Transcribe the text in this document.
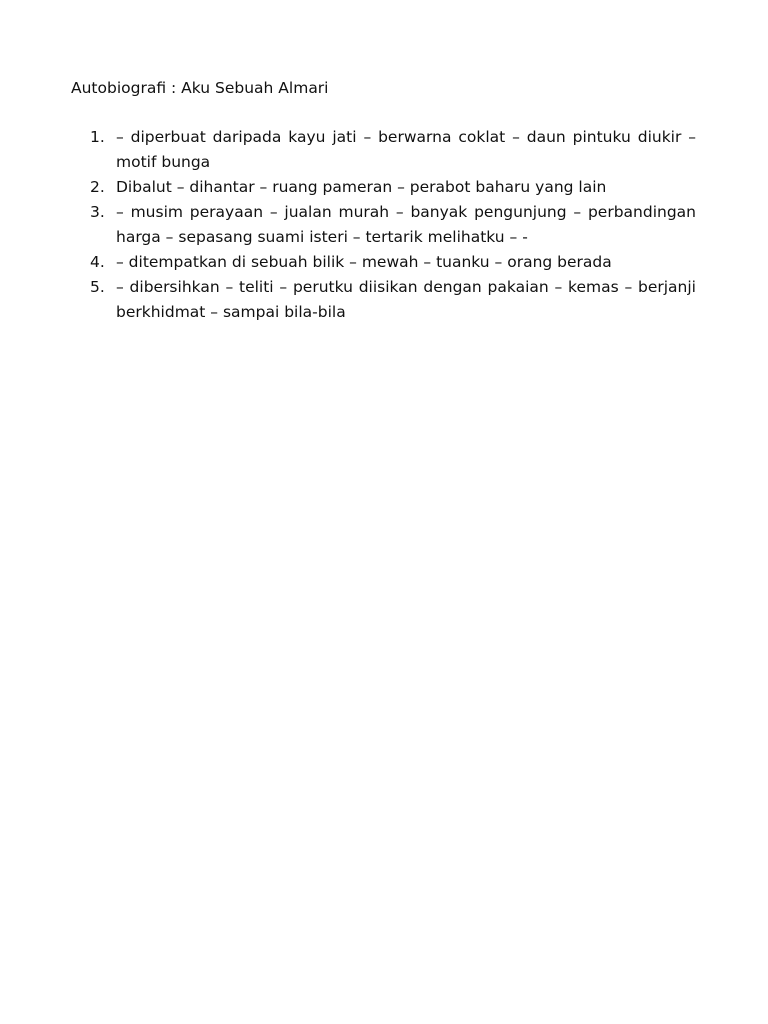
Autobiografi : Aku Sebuah Almari
1. – diperbuat daripada kayu jati – berwarna coklat – daun pintuku diukir – motif bunga
2. Dibalut – dihantar – ruang pameran – perabot baharu yang lain
3. – musim perayaan – jualan murah – banyak pengunjung – perbandingan harga – sepasang suami isteri – tertarik melihatku – -
4. – ditempatkan di sebuah bilik – mewah – tuanku – orang berada
5. – dibersihkan – teliti – perutku diisikan dengan pakaian – kemas – berjanji berkhidmat – sampai bila-bila
